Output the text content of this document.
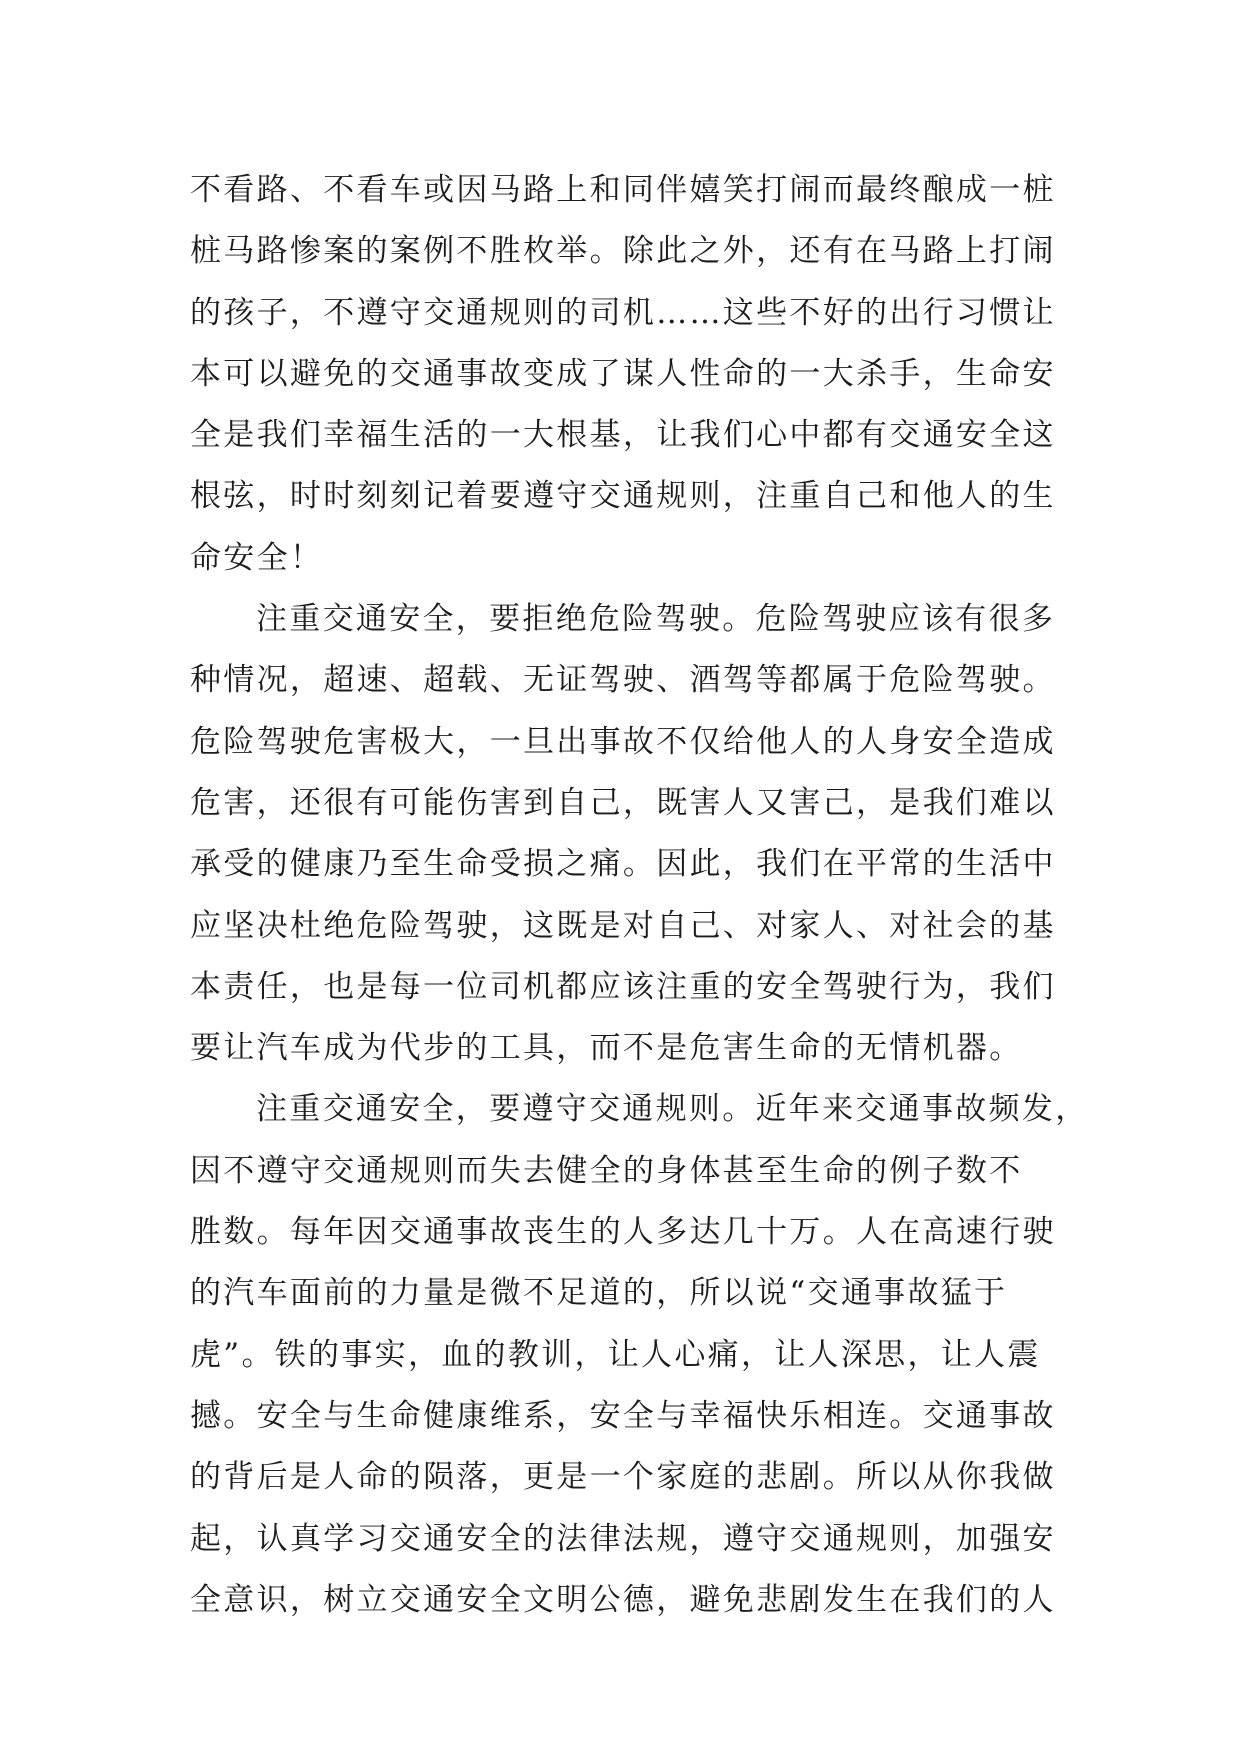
不看路、不看车或因马路上和同伴嬉笑打闹而最终酿成一桩
桩马路惨案的案例不胜枚举。除此之外，还有在马路上打闹
的孩子，不遵守交通规则的司机……这些不好的出行习惯让
本可以避免的交通事故变成了谋人性命的一大杀手，生命安
全是我们幸福生活的一大根基，让我们心中都有交通安全这
根弦，时时刻刻记着要遵守交通规则，注重自己和他人的生
命安全！
注重交通安全，要拒绝危险驾驶。危险驾驶应该有很多
种情况，超速、超载、无证驾驶、酒驾等都属于危险驾驶。
危险驾驶危害极大，一旦出事故不仅给他人的人身安全造成
危害，还很有可能伤害到自己，既害人又害己，是我们难以
承受的健康乃至生命受损之痛。因此，我们在平常的生活中
应坚决杜绝危险驾驶，这既是对自己、对家人、对社会的基
本责任，也是每一位司机都应该注重的安全驾驶行为，我们
要让汽车成为代步的工具，而不是危害生命的无情机器。
注重交通安全，要遵守交通规则。近年来交通事故频发，
因不遵守交通规则而失去健全的身体甚至生命的例子数不
胜数。每年因交通事故丧生的人多达几十万。人在高速行驶
的汽车面前的力量是微不足道的，所以说“交通事故猛于
虎”。铁的事实，血的教训，让人心痛，让人深思，让人震
撼。安全与生命健康维系，安全与幸福快乐相连。交通事故
的背后是人命的陨落，更是一个家庭的悲剧。所以从你我做
起，认真学习交通安全的法律法规，遵守交通规则，加强安
全意识，树立交通安全文明公德，避免悲剧发生在我们的人
